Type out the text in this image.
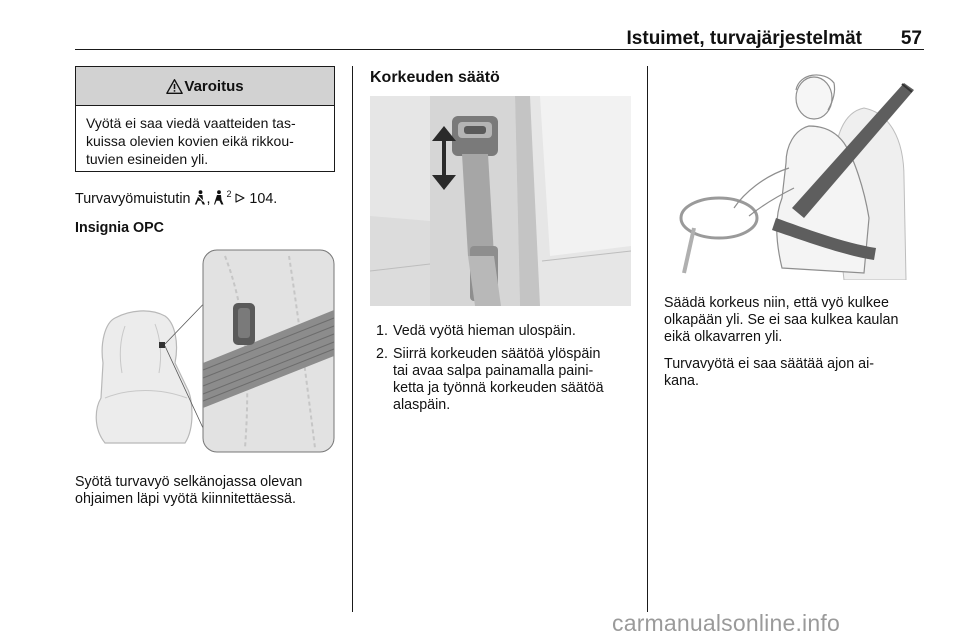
Istuimet, turvajärjestelmät	57
Varoitus
Vyötä ei saa viedä vaatteiden tas-
kuissa olevien kovien eikä rikkou-
tuvien esineiden yli.
Turvavyömuistutin , $^2$ 104.
Insignia OPC
Syötä turvavyö selkänojassa olevan
ohjaimen läpi vyötä kiinnitettäessä.
Korkeuden säätö
1. Vedä vyötä hieman ulospäin.
2. Siirrä korkeuden säätöä ylöspäin
tai avaa salpa painamalla paini-
ketta ja työnnä korkeuden säätöä
alaspäin.
Säädä korkeus niin, että vyö kulkee
olkapään yli. Se ei saa kulkea kaulan
eikä olkavarren yli.
Turvavyötä ei saa säätää ajon ai-
kana.
carmanualsonline.info
